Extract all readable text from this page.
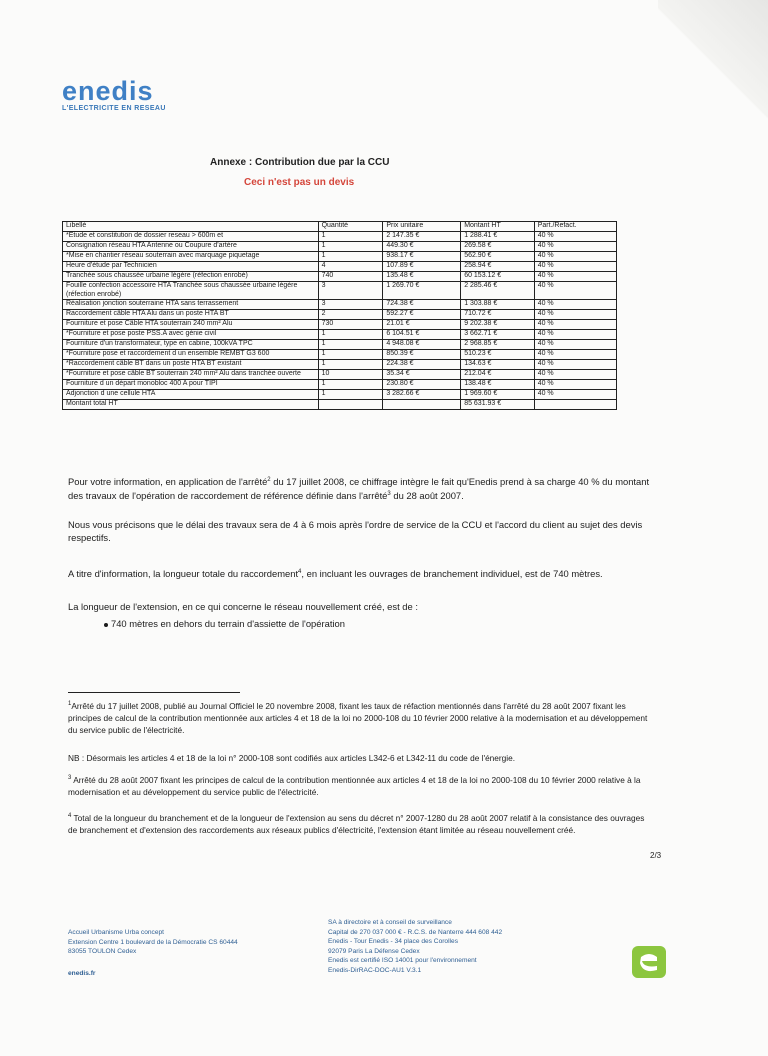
enedis
L'ELECTRICITE EN RESEAU
Annexe : Contribution due par la CCU
Ceci n'est pas un devis
Libellé	Quantité	Prix unitaire	Montant HT	Part./Refact.
*Etude et constitution de dossier reseau > 600m et	1	2 147.35 €	1 288.41 €	40 %
Consignation réseau HTA Antenne ou Coupure d'artère	1	449.30 €	269.58 €	40 %
*Mise en chantier réseau souterrain avec marquage piquetage	1	938.17 €	562.90 €	40 %
Heure d'étude par Technicien	4	107.89 €	258.94 €	40 %
Tranchée sous chaussée urbaine légère (réfection enrobé)	740	135.48 €	60 153.12 €	40 %
Fouille confection accessoire HTA Tranchée sous chaussée urbaine légère (réfection enrobé)	3	1 269.70 €	2 285.46 €	40 %
Réalisation jonction souterraine HTA sans terrassement	3	724.38 €	1 303.88 €	40 %
Raccordement câble HTA Alu dans un poste HTA BT	2	592.27 €	710.72 €	40 %
Fourniture et pose Câble HTA souterrain 240 mm² Alu	730	21.01 €	9 202.38 €	40 %
*Fourniture et pose poste PSS.A avec génie civil	1	6 104.51 €	3 662.71 €	40 %
Fourniture d'un transformateur, type en cabine, 100kVA TPC	1	4 948.08 €	2 968.85 €	40 %
*Fourniture pose et raccordement d un ensemble REMBT G3 600	1	850.39 €	510.23 €	40 %
*Raccordement câble BT dans un poste HTA BT existant	1	224.38 €	134.63 €	40 %
*Fourniture et pose câble BT souterrain 240 mm² Alu dans tranchée ouverte	10	35.34 €	212.04 €	40 %
Fourniture d un départ monobloc 400 A pour TIPI	1	230.80 €	138.48 €	40 %
Adjonction d une cellule HTA	1	3 282.66 €	1 969.60 €	40 %
Montant total HT			85 631.93 €	
Pour votre information, en application de l'arrêté$^2$ du 17 juillet 2008, ce chiffrage intègre le fait qu'Enedis prend à sa charge 40 % du montant des travaux de l'opération de raccordement de référence définie dans l'arrêté$^3$ du 28 août 2007.
Nous vous précisons que le délai des travaux sera de 4 à 6 mois après l'ordre de service de la CCU et l'accord du client au sujet des devis respectifs.
A titre d'information, la longueur totale du raccordement$^4$, en incluant les ouvrages de branchement individuel, est de 740 mètres.
La longueur de l'extension, en ce qui concerne le réseau nouvellement créé, est de :
740 mètres en dehors du terrain d'assiette de l'opération
$^1$Arrêté du 17 juillet 2008, publié au Journal Officiel le 20 novembre 2008, fixant les taux de réfaction mentionnés dans l'arrêté du 28 août 2007 fixant les principes de calcul de la contribution mentionnée aux articles 4 et 18 de la loi no 2000-108 du 10 février 2000 relative à la modernisation et au développement du service public de l'électricité.
NB : Désormais les articles 4 et 18 de la loi n° 2000-108 sont codifiés aux articles L342-6 et L342-11 du code de l'énergie.
$^3$ Arrêté du 28 août 2007 fixant les principes de calcul de la contribution mentionnée aux articles 4 et 18 de la loi no 2000-108 du 10 février 2000 relative à la modernisation et au développement du service public de l'électricité.
$^4$ Total de la longueur du branchement et de la longueur de l'extension au sens du décret n° 2007-1280 du 28 août 2007 relatif à la consistance des ouvrages de branchement et d'extension des raccordements aux réseaux publics d'électricité, l'extension étant limitée au réseau nouvellement créé.
2/3
Accueil Urbanisme Urba concept
Extension Centre 1 boulevard de la Démocratie CS 60444
83055 TOULON Cedex
enedis.fr
SA à directoire et à conseil de surveillance
Capital de 270 037 000 € - R.C.S. de Nanterre 444 608 442
Enedis - Tour Enedis - 34 place des Corolles
92079 Paris La Défense Cedex
Enedis est certifié ISO 14001 pour l'environnement
Enedis-DirRAC-DOC-AU1 V.3.1
